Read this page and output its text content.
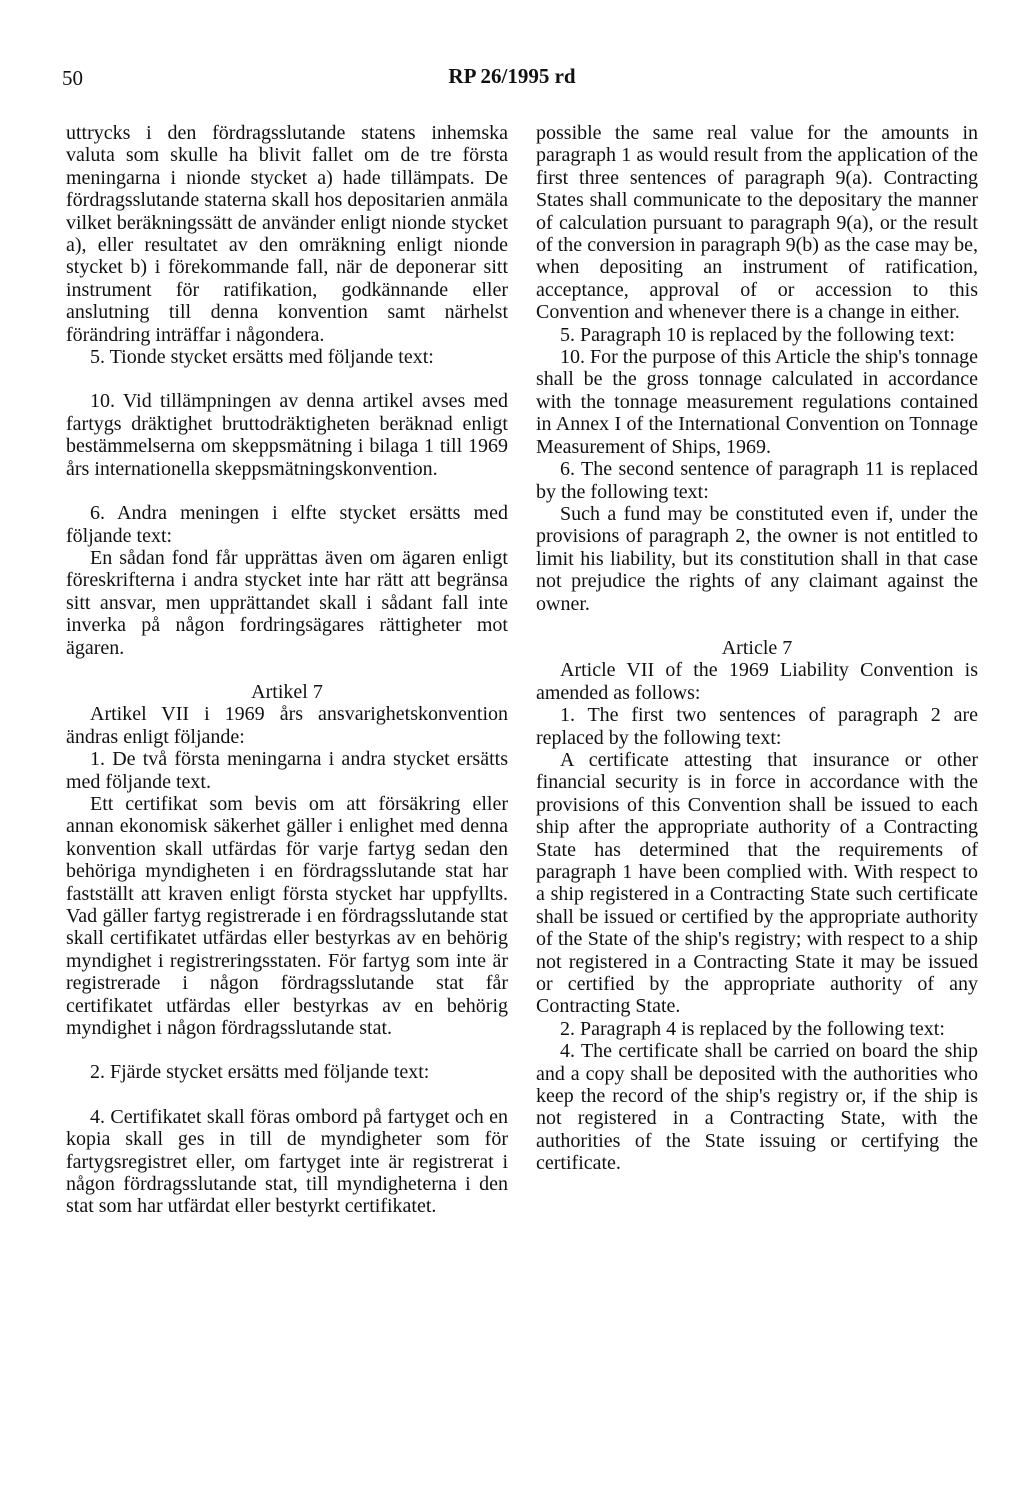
50	RP 26/1995 rd

uttrycks i den fördragsslutande statens inhemska valuta som skulle ha blivit fallet om de tre första meningarna i nionde stycket a) hade tillämpats. De fördragsslutande staterna skall hos depositarien anmäla vilket beräkningssätt de använder enligt nionde stycket a), eller resultatet av den omräkning enligt nionde stycket b) i förekommande fall, när de deponerar sitt instrument för ratifikation, godkännande eller anslutning till denna konvention samt närhelst förändring inträffar i någondera.

5. Tionde stycket ersätts med följande text:

10. Vid tillämpningen av denna artikel avses med fartygs dräktighet bruttodräktigheten beräknad enligt bestämmelserna om skeppsmätning i bilaga 1 till 1969 års internationella skeppsmätningskonvention.

6. Andra meningen i elfte stycket ersätts med följande text:

En sådan fond får upprättas även om ägaren enligt föreskrifterna i andra stycket inte har rätt att begränsa sitt ansvar, men upprättandet skall i sådant fall inte inverka på någon fordringsägares rättigheter mot ägaren.

Artikel 7

Artikel VII i 1969 års ansvarighetskonvention ändras enligt följande:

1. De två första meningarna i andra stycket ersätts med följande text.

Ett certifikat som bevis om att försäkring eller annan ekonomisk säkerhet gäller i enlighet med denna konvention skall utfärdas för varje fartyg sedan den behöriga myndigheten i en fördragsslutande stat har fastställt att kraven enligt första stycket har uppfyllts. Vad gäller fartyg registrerade i en fördragsslutande stat skall certifikatet utfärdas eller bestyrkas av en behörig myndighet i registreringsstaten. För fartyg som inte är registrerade i någon fördragsslutande stat får certifikatet utfärdas eller bestyrkas av en behörig myndighet i någon fördragsslutande stat.

2. Fjärde stycket ersätts med följande text:

4. Certifikatet skall föras ombord på fartyget och en kopia skall ges in till de myndigheter som för fartygsregistret eller, om fartyget inte är registrerat i någon fördragsslutande stat, till myndigheterna i den stat som har utfärdat eller bestyrkt certifikatet.

possible the same real value for the amounts in paragraph 1 as would result from the application of the first three sentences of paragraph 9(a). Contracting States shall communicate to the depositary the manner of calculation pursuant to paragraph 9(a), or the result of the conversion in paragraph 9(b) as the case may be, when depositing an instrument of ratification, acceptance, approval of or accession to this Convention and whenever there is a change in either.

5. Paragraph 10 is replaced by the following text:

10. For the purpose of this Article the ship's tonnage shall be the gross tonnage calculated in accordance with the tonnage measurement regulations contained in Annex I of the International Convention on Tonnage Measurement of Ships, 1969.

6. The second sentence of paragraph 11 is replaced by the following text:

Such a fund may be constituted even if, under the provisions of paragraph 2, the owner is not entitled to limit his liability, but its constitution shall in that case not prejudice the rights of any claimant against the owner.

Article 7

Article VII of the 1969 Liability Convention is amended as follows:

1. The first two sentences of paragraph 2 are replaced by the following text:

A certificate attesting that insurance or other financial security is in force in accordance with the provisions of this Convention shall be issued to each ship after the appropriate authority of a Contracting State has determined that the requirements of paragraph 1 have been complied with. With respect to a ship registered in a Contracting State such certificate shall be issued or certified by the appropriate authority of the State of the ship's registry; with respect to a ship not registered in a Contracting State it may be issued or certified by the appropriate authority of any Contracting State.

2. Paragraph 4 is replaced by the following text:

4. The certificate shall be carried on board the ship and a copy shall be deposited with the authorities who keep the record of the ship's registry or, if the ship is not registered in a Contracting State, with the authorities of the State issuing or certifying the certificate.
